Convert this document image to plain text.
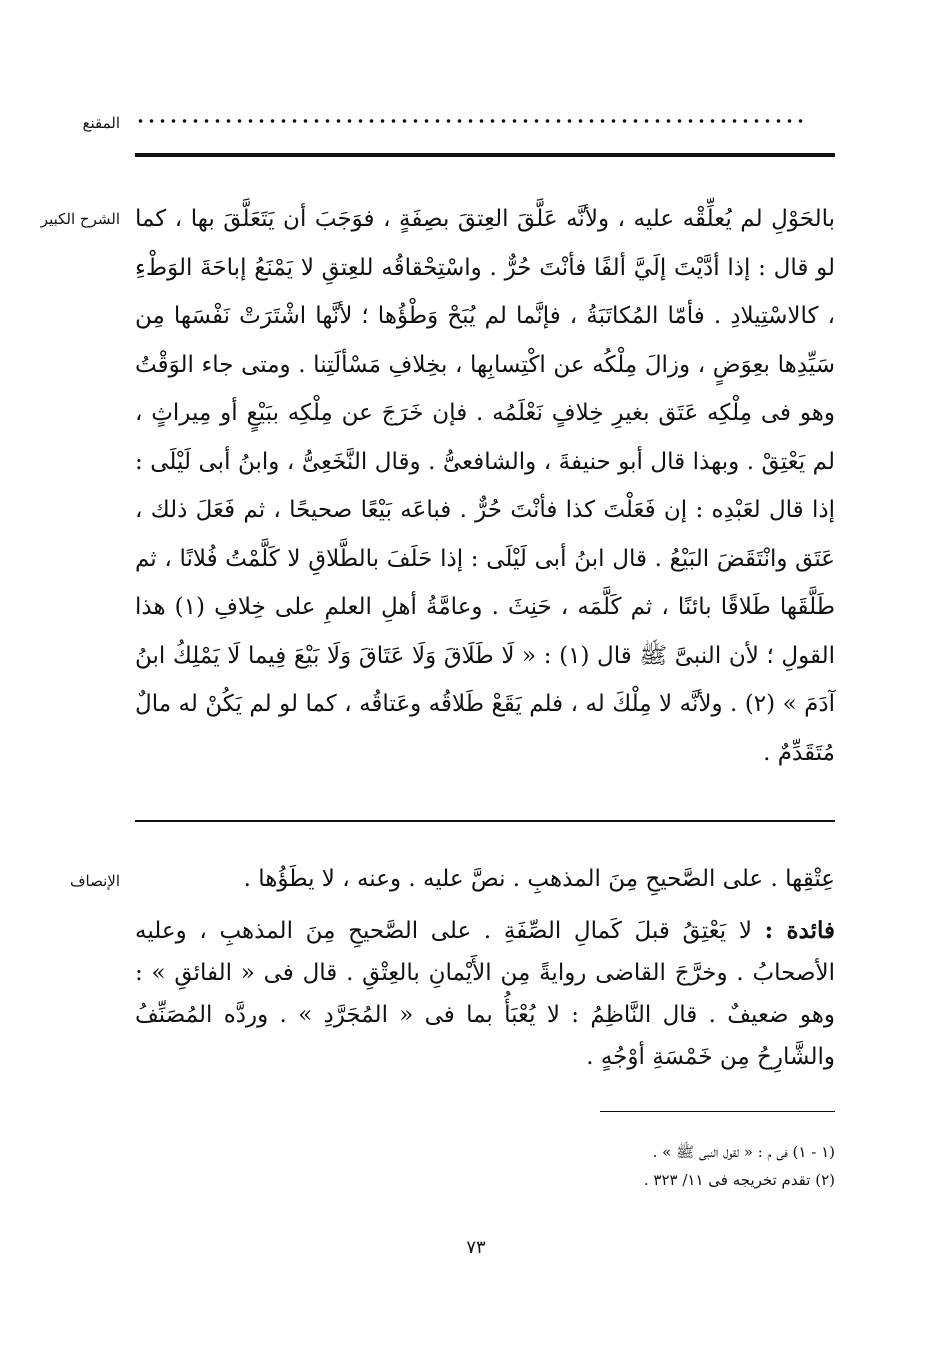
المقنع
الشرح الكبير بالحَوْلِ لم يُعلِّقْه عليه ، ولأنَّه عَلَّقَ العِتقَ بصِفَةٍ ، فوَجَبَ أن يَتَعَلَّقَ بها ، كما لو قال : إذا أدَّيْتَ إلَيَّ ألفًا فأنْتَ حُرٌّ . واسْتِحْقاقُه للعِتقِ لا يَمْنَعُ إباحَةَ الوَطْءِ ، كالاسْتِيلادِ . فأمّا المُكاتَبَةُ ، فإنَّما لم يُبَحْ وَطْؤُها ؛ لأنَّها اشْتَرَتْ نَفْسَها مِن سَيِّدِها بعِوَضٍ ، وزالَ مِلْكُه عن اكْتِسابِها ، بخِلافِ مَسْألَتِنا . ومتى جاء الوَقْتُ وهو فى مِلْكِه عَتَق بغيرِ خِلافٍ نَعْلَمُه . فإن خَرَجَ عن مِلْكِه ببَيْعٍ أو مِيراثٍ ، لم يَعْتِقْ . وبهذا قال أبو حنيفةَ ، والشافعىُّ . وقال النَّخَعِىُّ ، وابنُ أبى لَيْلَى : إذا قال لعَبْدِه : إن فَعَلْتَ كذا فأنْتَ حُرٌّ . فباعَه بَيْعًا صحيحًا ، ثم فَعَلَ ذلك ، عَتَق وانْتَقَضَ البَيْعُ . قال ابنُ أبى لَيْلَى : إذا حَلَفَ بالطَّلاقِ لا كَلَّمْتُ فُلانًا ، ثم طَلَّقَها طَلاقًا بائنًا ، ثم كَلَّمَه ، حَنِثَ . وعامَّةُ أهلِ العلمِ على خِلافِ (١) هذا القولِ ؛ لأن النبىَّ ﷺ قال (١) : « لَا طَلَاقَ وَلَا عَتَاقَ وَلَا بَيْعَ فِيما لَا يَمْلِكُ ابنُ آدَمَ » (٢) . ولأنَّه لا مِلْكَ له ، فلم يَقَعْ طَلاقُه وعَتاقُه ، كما لو لم يَكُنْ له مالٌ مُتَقَدِّمٌ .

الإنصاف	عِتْقِها . على الصَّحيحِ مِنَ المذهبِ . نصَّ عليه . وعنه ، لا يطَؤُها .

فائدة : لا يَعْتِقُ قبلَ كَمالِ الصِّفَةِ . على الصَّحيحِ مِنَ المذهبِ ، وعليه الأصحابُ . وخرَّجَ القاضى روايةً مِن الأَيْمانِ بالعِتْقِ . قال فى « الفائقِ » : وهو ضعيفٌ . قال النَّاظِمُ : لا يُعْبَأُ بما فى « المُجَرَّدِ » . وردَّه المُصَنِّفُ والشَّارِحُ مِن خَمْسَةِ أوْجُهٍ .

(١ - ١) فى م : « لقول النبى ﷺ » .

(٢) تقدم تخريجه فى ١١/ ٣٢٣ .

٧٣
